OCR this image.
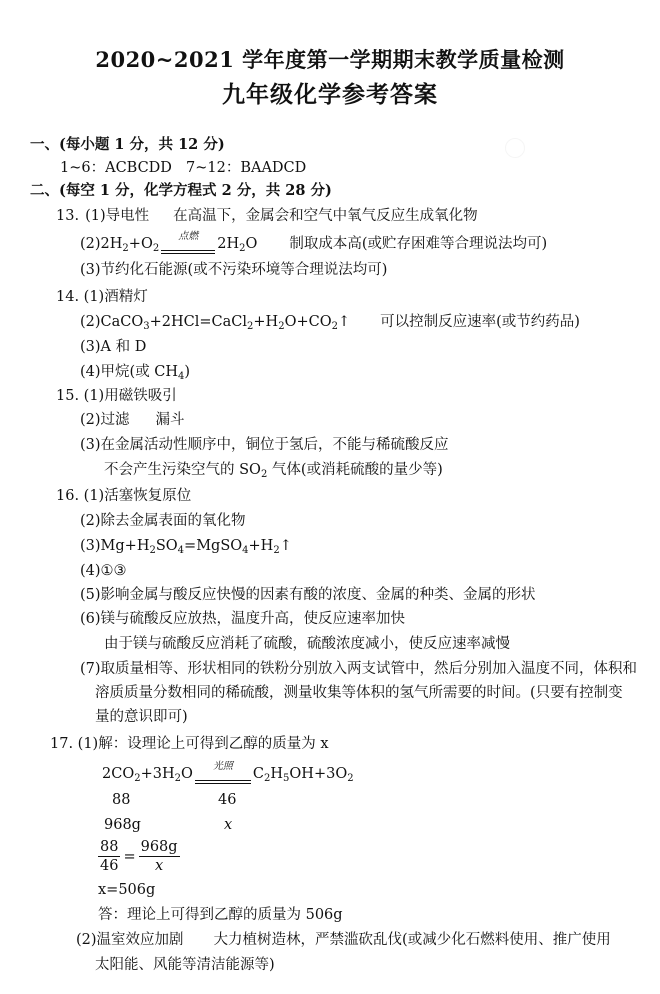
2020~2021 学年度第一学期期末教学质量检测
九年级化学参考答案
一、(每小题 1 分，共 12 分)
1~6：ACBCDD 7~12：BAADCD
二、(每空 1 分，化学方程式 2 分，共 28 分)
13. (1)导电性 在高温下，金属会和空气中氧气反应生成氧化物
$(2)2H_2+O_2$
点燃	$2H_2O$ 制取成本高(或贮存困难等合理说法均可)
(3)节约化石能源(或不污染环境等合理说法均可)
14. (1)酒精灯
$(2)CaCO_3+2HCl=CaCl_2+H_2O+CO_2↑$ 可以控制反应速率(或节约药品)
(3)A 和 D
(4)甲烷(或 $CH_4$)
15. (1)用磁铁吸引
(2)过滤 漏斗
(3)在金属活动性顺序中，铜位于氢后，不能与稀硫酸反应
不会产生污染空气的 $SO_2$ 气体(或消耗硫酸的量少等)
16. (1)活塞恢复原位
(2)除去金属表面的氧化物
$(3)Mg+H_2SO_4=MgSO_4+H_2↑$
(4)①③
(5)影响金属与酸反应快慢的因素有酸的浓度、金属的种类、金属的形状
(6)镁与硫酸反应放热，温度升高，使反应速率加快
由于镁与硫酸反应消耗了硫酸，硫酸浓度减小，使反应速率减慢
(7)取质量相等、形状相同的铁粉分别放入两支试管中，然后分别加入温度不同，体积和
溶质质量分数相同的稀硫酸，测量收集等体积的氢气所需要的时间。(只要有控制变
量的意识即可)
17. (1)解：设理论上可得到乙醇的质量为 x
$2CO_2+3H_2O$	光照	$C_2H_5OH+3O_2$
88	46
968g	x
$\frac{88}{46} = \frac{968g}{x}$
x=506g
答：理论上可得到乙醇的质量为 506g
(2)温室效应加剧 大力植树造林，严禁滥砍乱伐(或减少化石燃料使用、推广使用
太阳能、风能等清洁能源等)
